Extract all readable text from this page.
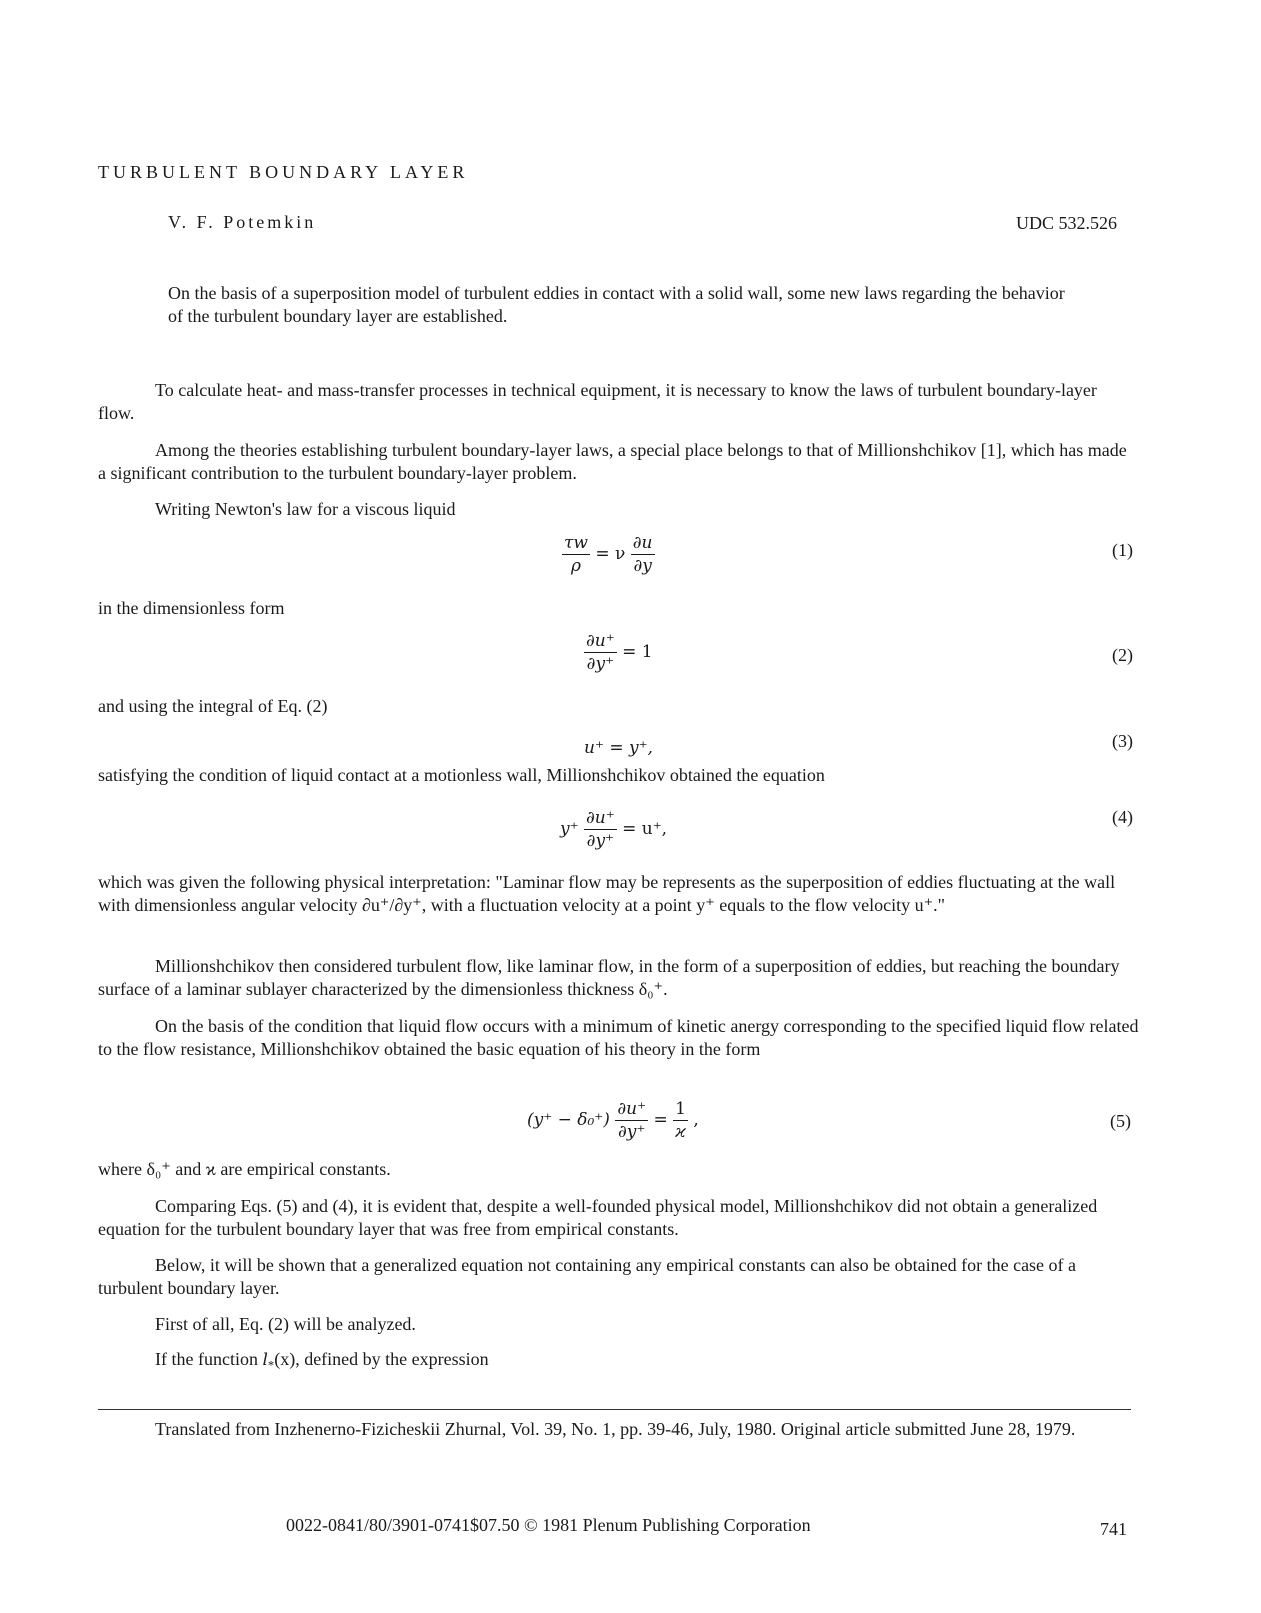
TURBULENT BOUNDARY LAYER
V. F. Potemkin	UDC 532.526
On the basis of a superposition model of turbulent eddies in contact with a solid wall, some new laws regarding the behavior of the turbulent boundary layer are established.
To calculate heat- and mass-transfer processes in technical equipment, it is necessary to know the laws of turbulent boundary-layer flow.
Among the theories establishing turbulent boundary-layer laws, a special place belongs to that of Millionshchikov [1], which has made a significant contribution to the turbulent boundary-layer problem.
Writing Newton's law for a viscous liquid
$\frac{\tau w}{\rho} = \nu \frac{\partial u}{\partial y}$	(1)
in the dimensionless form
$\frac{\partial u^+}{\partial y^+} = 1$	(2)
and using the integral of Eq. (2)
u⁺ = y⁺,	(3)
satisfying the condition of liquid contact at a motionless wall, Millionshchikov obtained the equation
$y^+ \frac{\partial u^+}{\partial y^+} = u^+$,
(4)
which was given the following physical interpretation: "Laminar flow may be represents as the superposition of eddies fluctuating at the wall with dimensionless angular velocity ∂u⁺/∂y⁺, with a fluctuation velocity at a point y⁺ equals to the flow velocity u⁺."
Millionshchikov then considered turbulent flow, like laminar flow, in the form of a superposition of eddies, but reaching the boundary surface of a laminar sublayer characterized by the dimensionless thickness δ₀⁺.
On the basis of the condition that liquid flow occurs with a minimum of kinetic anergy corresponding to the specified liquid flow related to the flow resistance, Millionshchikov obtained the basic equation of his theory in the form
$(y^+ - \delta_0^+) \frac{\partial u^+}{\partial y^+} = \frac{1}{ϰ}$ ,	(5)
where δ₀⁺ and ϰ are empirical constants.
Comparing Eqs. (5) and (4), it is evident that, despite a well-founded physical model, Millionshchikov did not obtain a generalized equation for the turbulent boundary layer that was free from empirical constants.
Below, it will be shown that a generalized equation not containing any empirical constants can also be obtained for the case of a turbulent boundary layer.
First of all, Eq. (2) will be analyzed.
If the function $l_*(x)$, defined by the expression
Translated from Inzhenerno-Fizicheskii Zhurnal, Vol. 39, No. 1, pp. 39-46, July, 1980. Original article submitted June 28, 1979.
0022-0841/80/3901-0741$07.50 © 1981 Plenum Publishing Corporation	741
